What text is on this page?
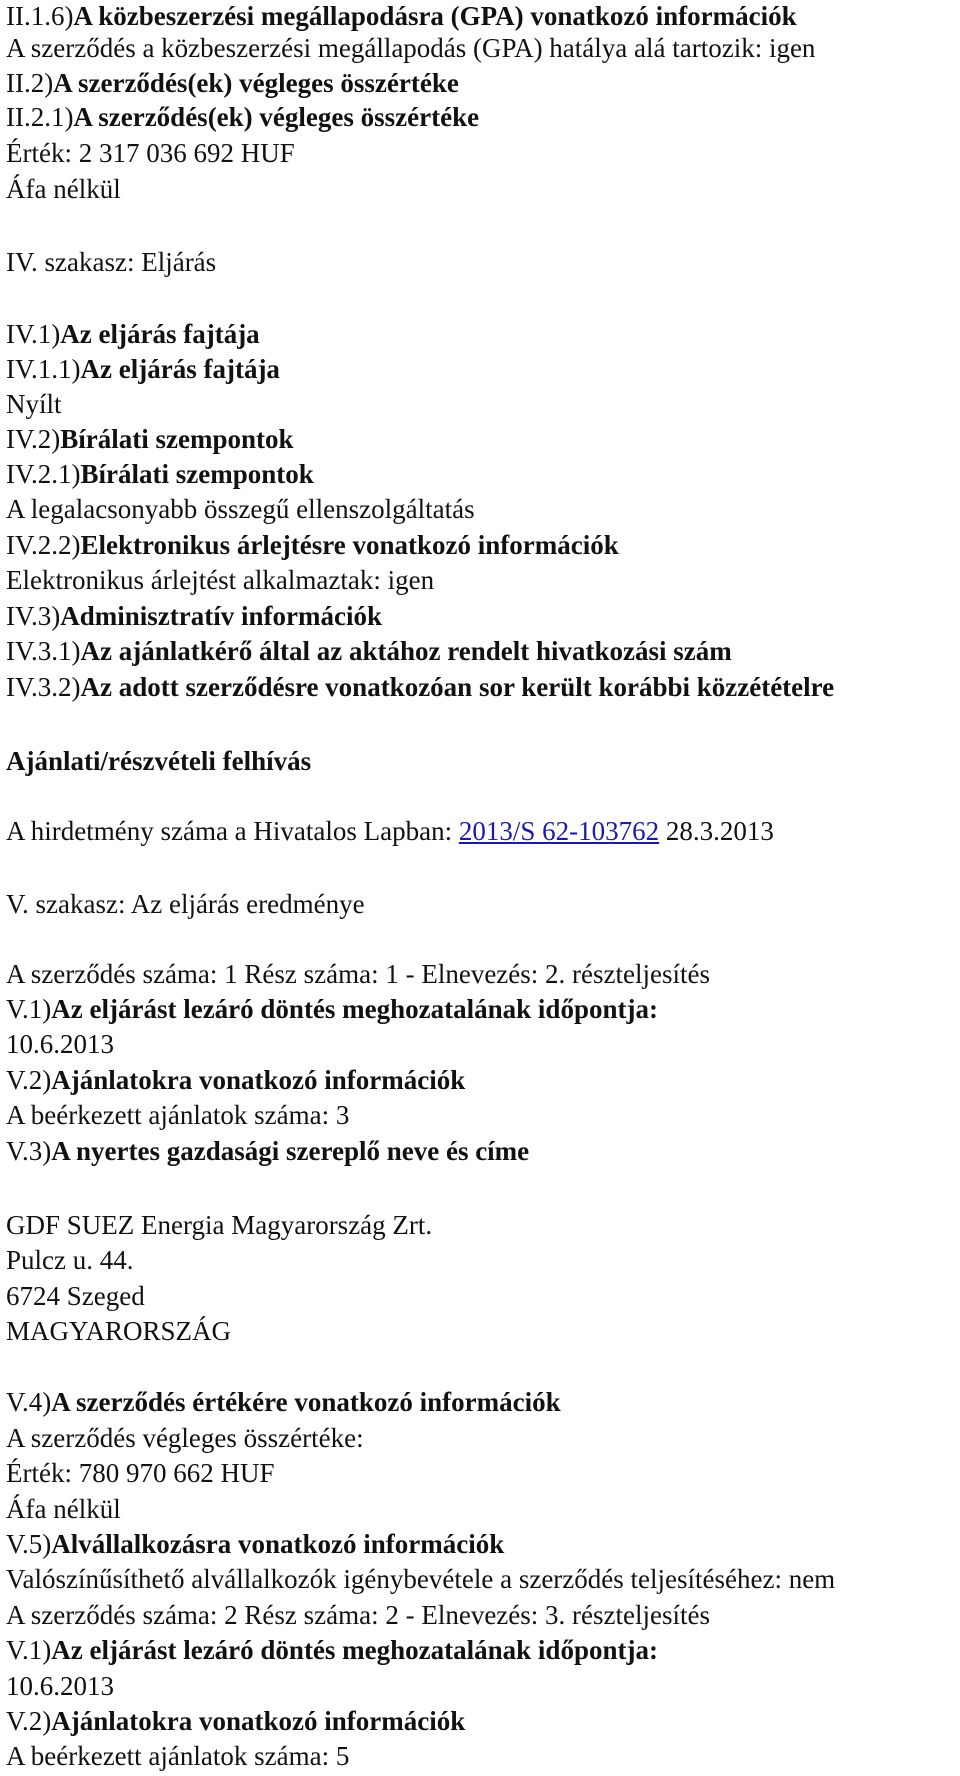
II.1.6)A közbeszerzési megállapodásra (GPA) vonatkozó információk
A szerződés a közbeszerzési megállapodás (GPA) hatálya alá tartozik: igen
II.2)A szerződés(ek) végleges összértéke
II.2.1)A szerződés(ek) végleges összértéke
Érték: 2 317 036 692 HUF
Áfa nélkül
IV. szakasz: Eljárás
IV.1)Az eljárás fajtája
IV.1.1)Az eljárás fajtája
Nyílt
IV.2)Bírálati szempontok
IV.2.1)Bírálati szempontok
A legalacsonyabb összegű ellenszolgáltatás
IV.2.2)Elektronikus árlejtésre vonatkozó információk
Elektronikus árlejtést alkalmaztak: igen
IV.3)Adminisztratív információk
IV.3.1)Az ajánlatkérő által az aktához rendelt hivatkozási szám
IV.3.2)Az adott szerződésre vonatkozóan sor került korábbi közzétételre
Ajánlati/részvételi felhívás
A hirdetmény száma a Hivatalos Lapban: 2013/S 62-103762 28.3.2013
V. szakasz: Az eljárás eredménye
A szerződés száma: 1 Rész száma: 1 - Elnevezés: 2. részteljesítés
V.1)Az eljárást lezáró döntés meghozatalának időpontja:
10.6.2013
V.2)Ajánlatokra vonatkozó információk
A beérkezett ajánlatok száma: 3
V.3)A nyertes gazdasági szereplő neve és címe
GDF SUEZ Energia Magyarország Zrt.
Pulcz u. 44.
6724 Szeged
MAGYARORSZÁG
V.4)A szerződés értékére vonatkozó információk
A szerződés végleges összértéke:
Érték: 780 970 662 HUF
Áfa nélkül
V.5)Alvállalkozásra vonatkozó információk
Valószínűsíthető alvállalkozók igénybevétele a szerződés teljesítéséhez: nem
A szerződés száma: 2 Rész száma: 2 - Elnevezés: 3. részteljesítés
V.1)Az eljárást lezáró döntés meghozatalának időpontja:
10.6.2013
V.2)Ajánlatokra vonatkozó információk
A beérkezett ajánlatok száma: 5
